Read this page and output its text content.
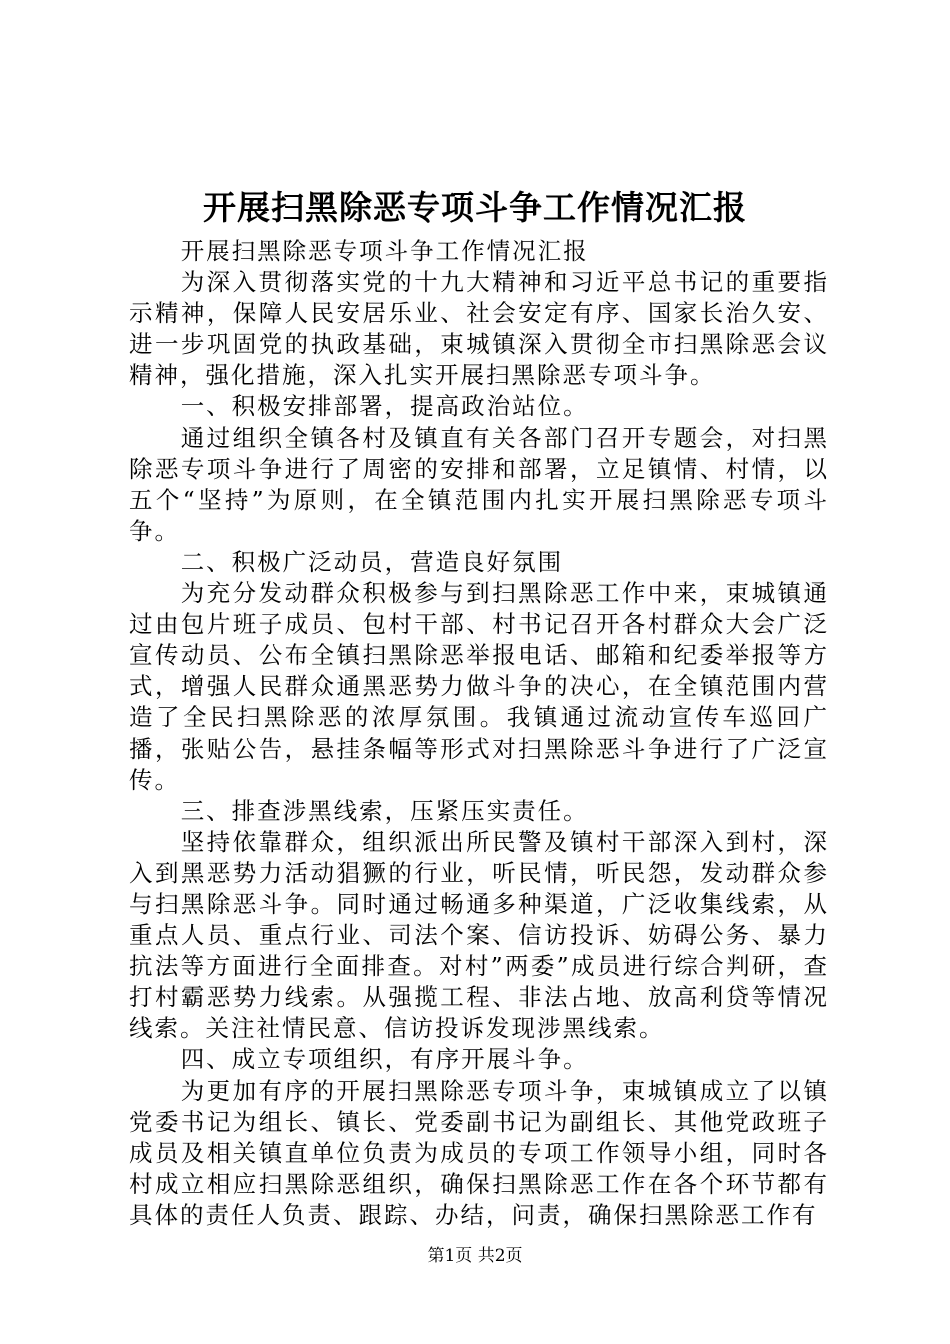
开展扫黑除恶专项斗争工作情况汇报

开展扫黑除恶专项斗争工作情况汇报

为深入贯彻落实党的十九大精神和习近平总书记的重要指示精神，保障人民安居乐业、社会安定有序、国家长治久安、进一步巩固党的执政基础，束城镇深入贯彻全市扫黑除恶会议精神，强化措施，深入扎实开展扫黑除恶专项斗争。

一、积极安排部署，提高政治站位。

通过组织全镇各村及镇直有关各部门召开专题会，对扫黑除恶专项斗争进行了周密的安排和部署，立足镇情、村情，以五个“坚持”为原则，在全镇范围内扎实开展扫黑除恶专项斗争。

二、积极广泛动员，营造良好氛围

为充分发动群众积极参与到扫黑除恶工作中来，束城镇通过由包片班子成员、包村干部、村书记召开各村群众大会广泛宣传动员、公布全镇扫黑除恶举报电话、邮箱和纪委举报等方式，增强人民群众通黑恶势力做斗争的决心，在全镇范围内营造了全民扫黑除恶的浓厚氛围。我镇通过流动宣传车巡回广播，张贴公告，悬挂条幅等形式对扫黑除恶斗争进行了广泛宣传。

三、排查涉黑线索，压紧压实责任。

坚持依靠群众，组织派出所民警及镇村干部深入到村，深入到黑恶势力活动猖獗的行业，听民情，听民怨，发动群众参与扫黑除恶斗争。同时通过畅通多种渠道，广泛收集线索，从重点人员、重点行业、司法个案、信访投诉、妨碍公务、暴力抗法等方面进行全面排查。对村”两委”成员进行综合判研，查打村霸恶势力线索。从强揽工程、非法占地、放高利贷等情况线索。关注社情民意、信访投诉发现涉黑线索。

四、成立专项组织，有序开展斗争。

为更加有序的开展扫黑除恶专项斗争，束城镇成立了以镇党委书记为组长、镇长、党委副书记为副组长、其他党政班子成员及相关镇直单位负责为成员的专项工作领导小组，同时各村成立相应扫黑除恶组织，确保扫黑除恶工作在各个环节都有具体的责任人负责、跟踪、办结，问责，确保扫黑除恶工作有

第1页 共2页
